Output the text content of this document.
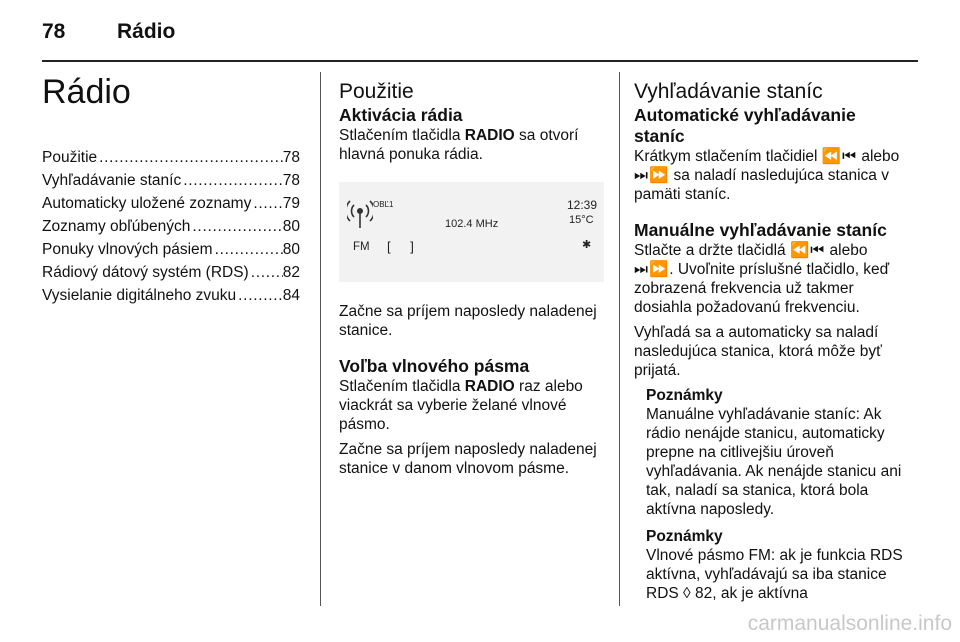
78 Rádio
Rádio
Použitie . . .	78
Vyhľadávanie staníc . . .	78
Automaticky uložené zoznamy . . . 79
Zoznamy obľúbených . . .	80
Ponuky vlnových pásiem . . .	80
Rádiový dátový systém (RDS) . . . 82
Vysielanie digitálneho zvuku . . .	84
Použitie
Aktivácia rádia

Stlačením tlačidla RADIO sa otvorí hlavná ponuka rádia.

OBĽ1
102.4 MHz
12:39
15°C
FM [ ]	✱

Začne sa príjem naposledy naladenej stanice.

Voľba vlnového pásma

Stlačením tlačidla RADIO raz alebo viackrát sa vyberie želané vlnové pásmo.

Začne sa príjem naposledy naladenej stanice v danom vlnovom pásme.

Vyhľadávanie staníc
Automatické vyhľadávanie staníc

Krátkym stlačením tlačidiel ⏪⏮ alebo ⏭⏩ sa naladí nasledujúca stanica v pamäti staníc.

Manuálne vyhľadávanie staníc

Stlačte a držte tlačidlá ⏪⏮ alebo ⏭⏩. Uvoľnite príslušné tlačidlo, keď zobrazená frekvencia už takmer dosiahla požadovanú frekvenciu.

Vyhľadá sa a automaticky sa naladí nasledujúca stanica, ktorá môže byť prijatá.

Poznámky

Manuálne vyhľadávanie staníc: Ak rádio nenájde stanicu, automaticky prepne na citlivejšiu úroveň vyhľadávania. Ak nenájde stanicu ani tak, naladí sa stanica, ktorá bola aktívna naposledy.

Poznámky

Vlnové pásmo FM: ak je funkcia RDS aktívna, vyhľadávajú sa iba stanice RDS ◊ 82, ak je aktívna

carmanualsonline.info
